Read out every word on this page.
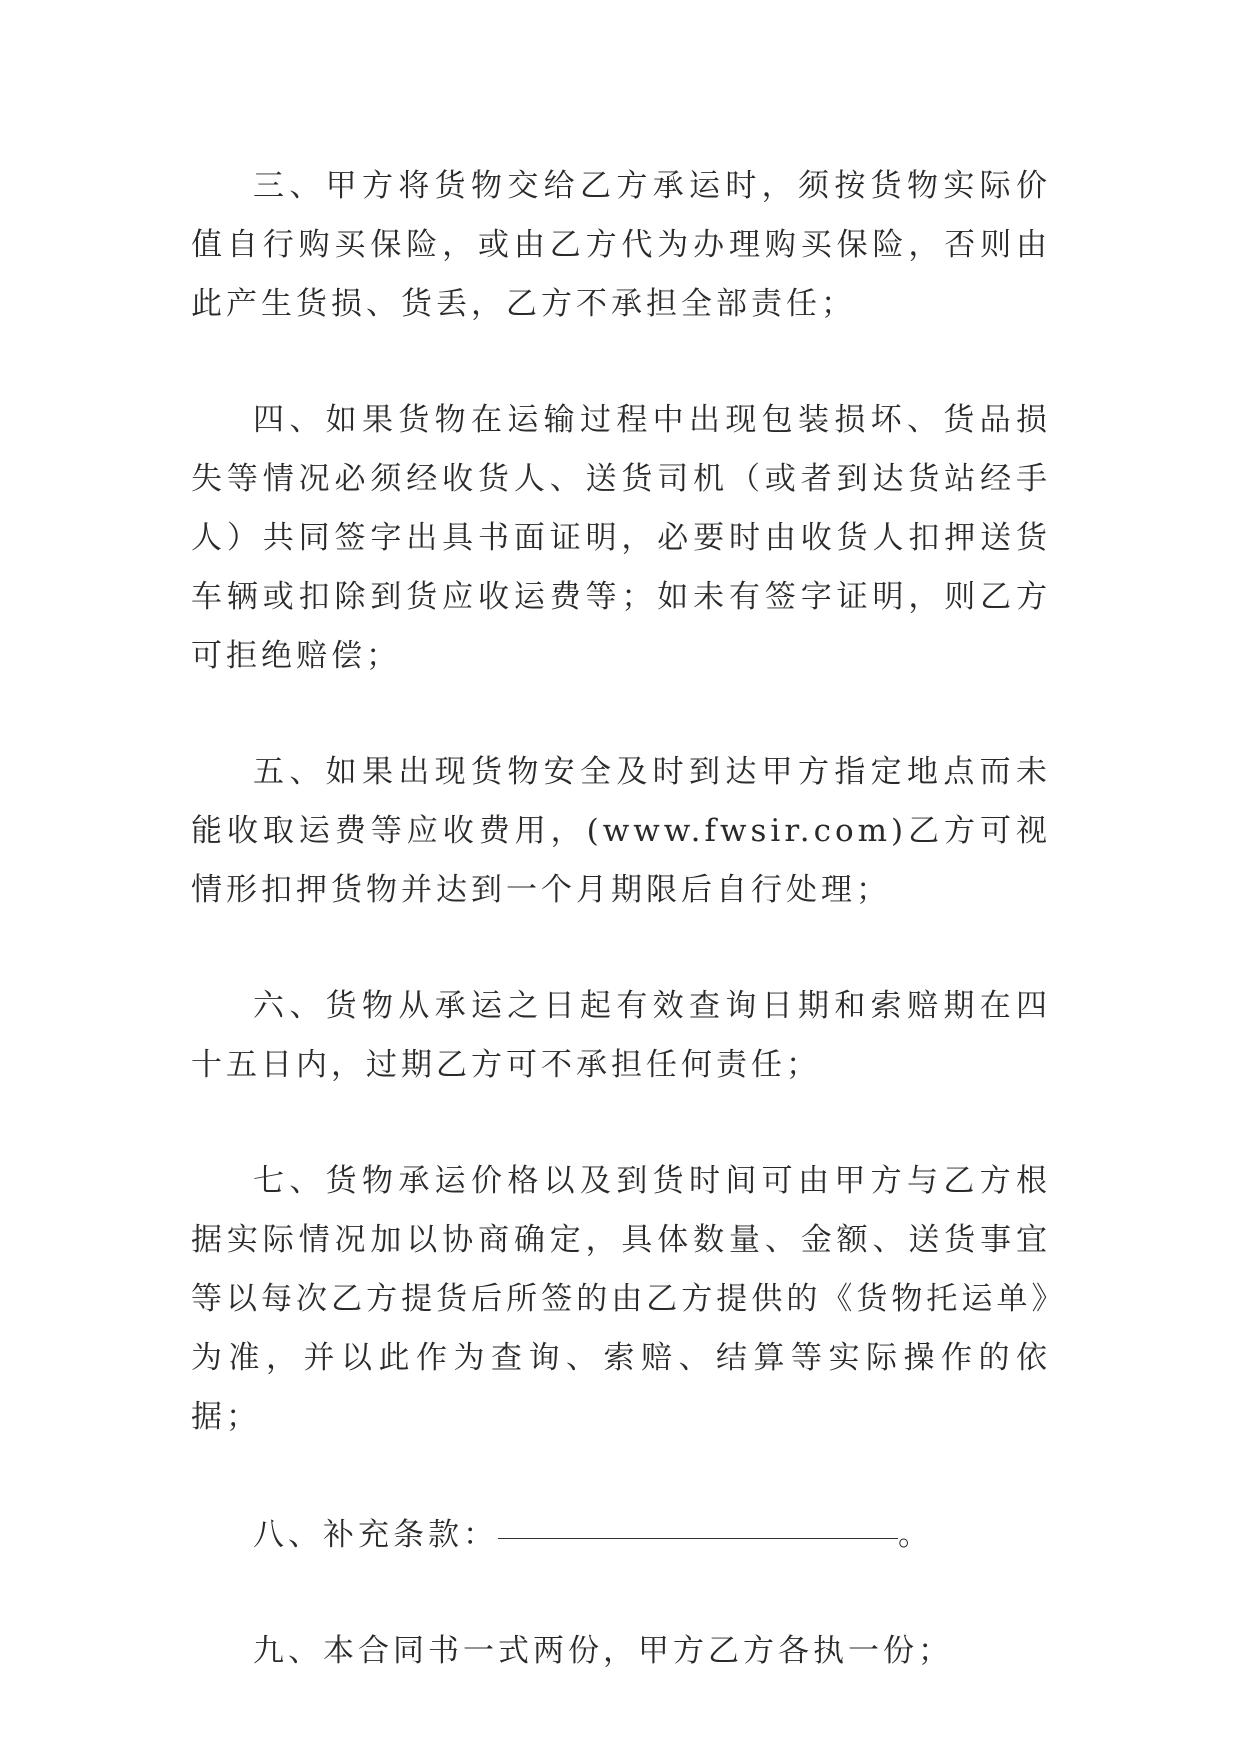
三、甲方将货物交给乙方承运时，须按货物实际价值自行购买保险，或由乙方代为办理购买保险，否则由此产生货损、货丢，乙方不承担全部责任；

四、如果货物在运输过程中出现包装损坏、货品损失等情况必须经收货人、送货司机（或者到达货站经手人）共同签字出具书面证明，必要时由收货人扣押送货车辆或扣除到货应收运费等；如未有签字证明，则乙方可拒绝赔偿；

五、如果出现货物安全及时到达甲方指定地点而未能收取运费等应收费用，(www.fwsir.com)乙方可视情形扣押货物并达到一个月期限后自行处理；

六、货物从承运之日起有效查询日期和索赔期在四十五日内，过期乙方可不承担任何责任；

七、货物承运价格以及到货时间可由甲方与乙方根据实际情况加以协商确定，具体数量、金额、送货事宜等以每次乙方提货后所签的由乙方提供的《货物托运单》为准，并以此作为查询、索赔、结算等实际操作的依据；

八、补充条款：	。

九、本合同书一式两份，甲方乙方各执一份；
